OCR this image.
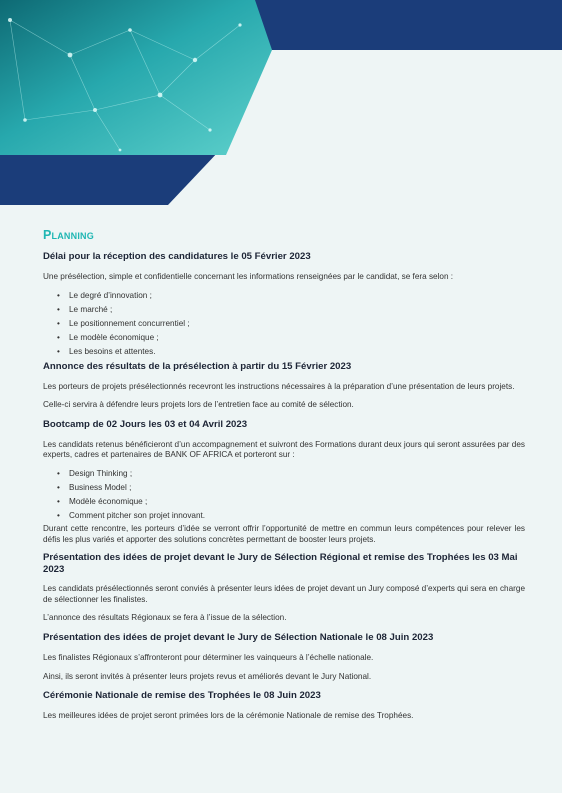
Planning
Délai pour la réception des candidatures le 05 Février 2023
Une présélection, simple et confidentielle concernant les informations renseignées par le candidat, se fera selon :
• Le degré d’innovation ;
• Le marché ;
• Le positionnement concurrentiel ;
• Le modèle économique ;
• Les besoins et attentes.
Annonce des résultats de la présélection à partir du 15 Février 2023
Les porteurs de projets présélectionnés recevront les instructions nécessaires à la préparation d’une présentation de leurs projets.
Celle-ci servira à défendre leurs projets lors de l’entretien face au comité de sélection.
Bootcamp de 02 Jours les 03 et 04 Avril 2023
Les candidats retenus bénéficieront d’un accompagnement et suivront des Formations durant deux jours qui seront assurées par des experts, cadres et partenaires de BANK OF AFRICA et porteront sur :
• Design Thinking ;
• Business Model ;
• Modèle économique ;
• Comment pitcher son projet innovant.
Durant cette rencontre, les porteurs d’idée se verront offrir l’opportunité de mettre en commun leurs compétences pour relever les défis les plus variés et apporter des solutions concrètes permettant de booster leurs projets.
Présentation des idées de projet devant le Jury de Sélection Régional et remise des Trophées les 03 Mai 2023
Les candidats présélectionnés seront conviés à présenter leurs idées de projet devant un Jury composé d’experts qui sera en charge de sélectionner les finalistes.
L’annonce des résultats Régionaux se fera à l’issue de la sélection.
Présentation des idées de projet devant le Jury de Sélection Nationale le 08 Juin 2023
Les finalistes Régionaux s’affronteront pour déterminer les vainqueurs à l’échelle nationale.
Ainsi, ils seront invités à présenter leurs projets revus et améliorés devant le Jury National.
Cérémonie Nationale de remise des Trophées le 08 Juin 2023
Les meilleures idées de projet seront primées lors de la cérémonie Nationale de remise des Trophées.
